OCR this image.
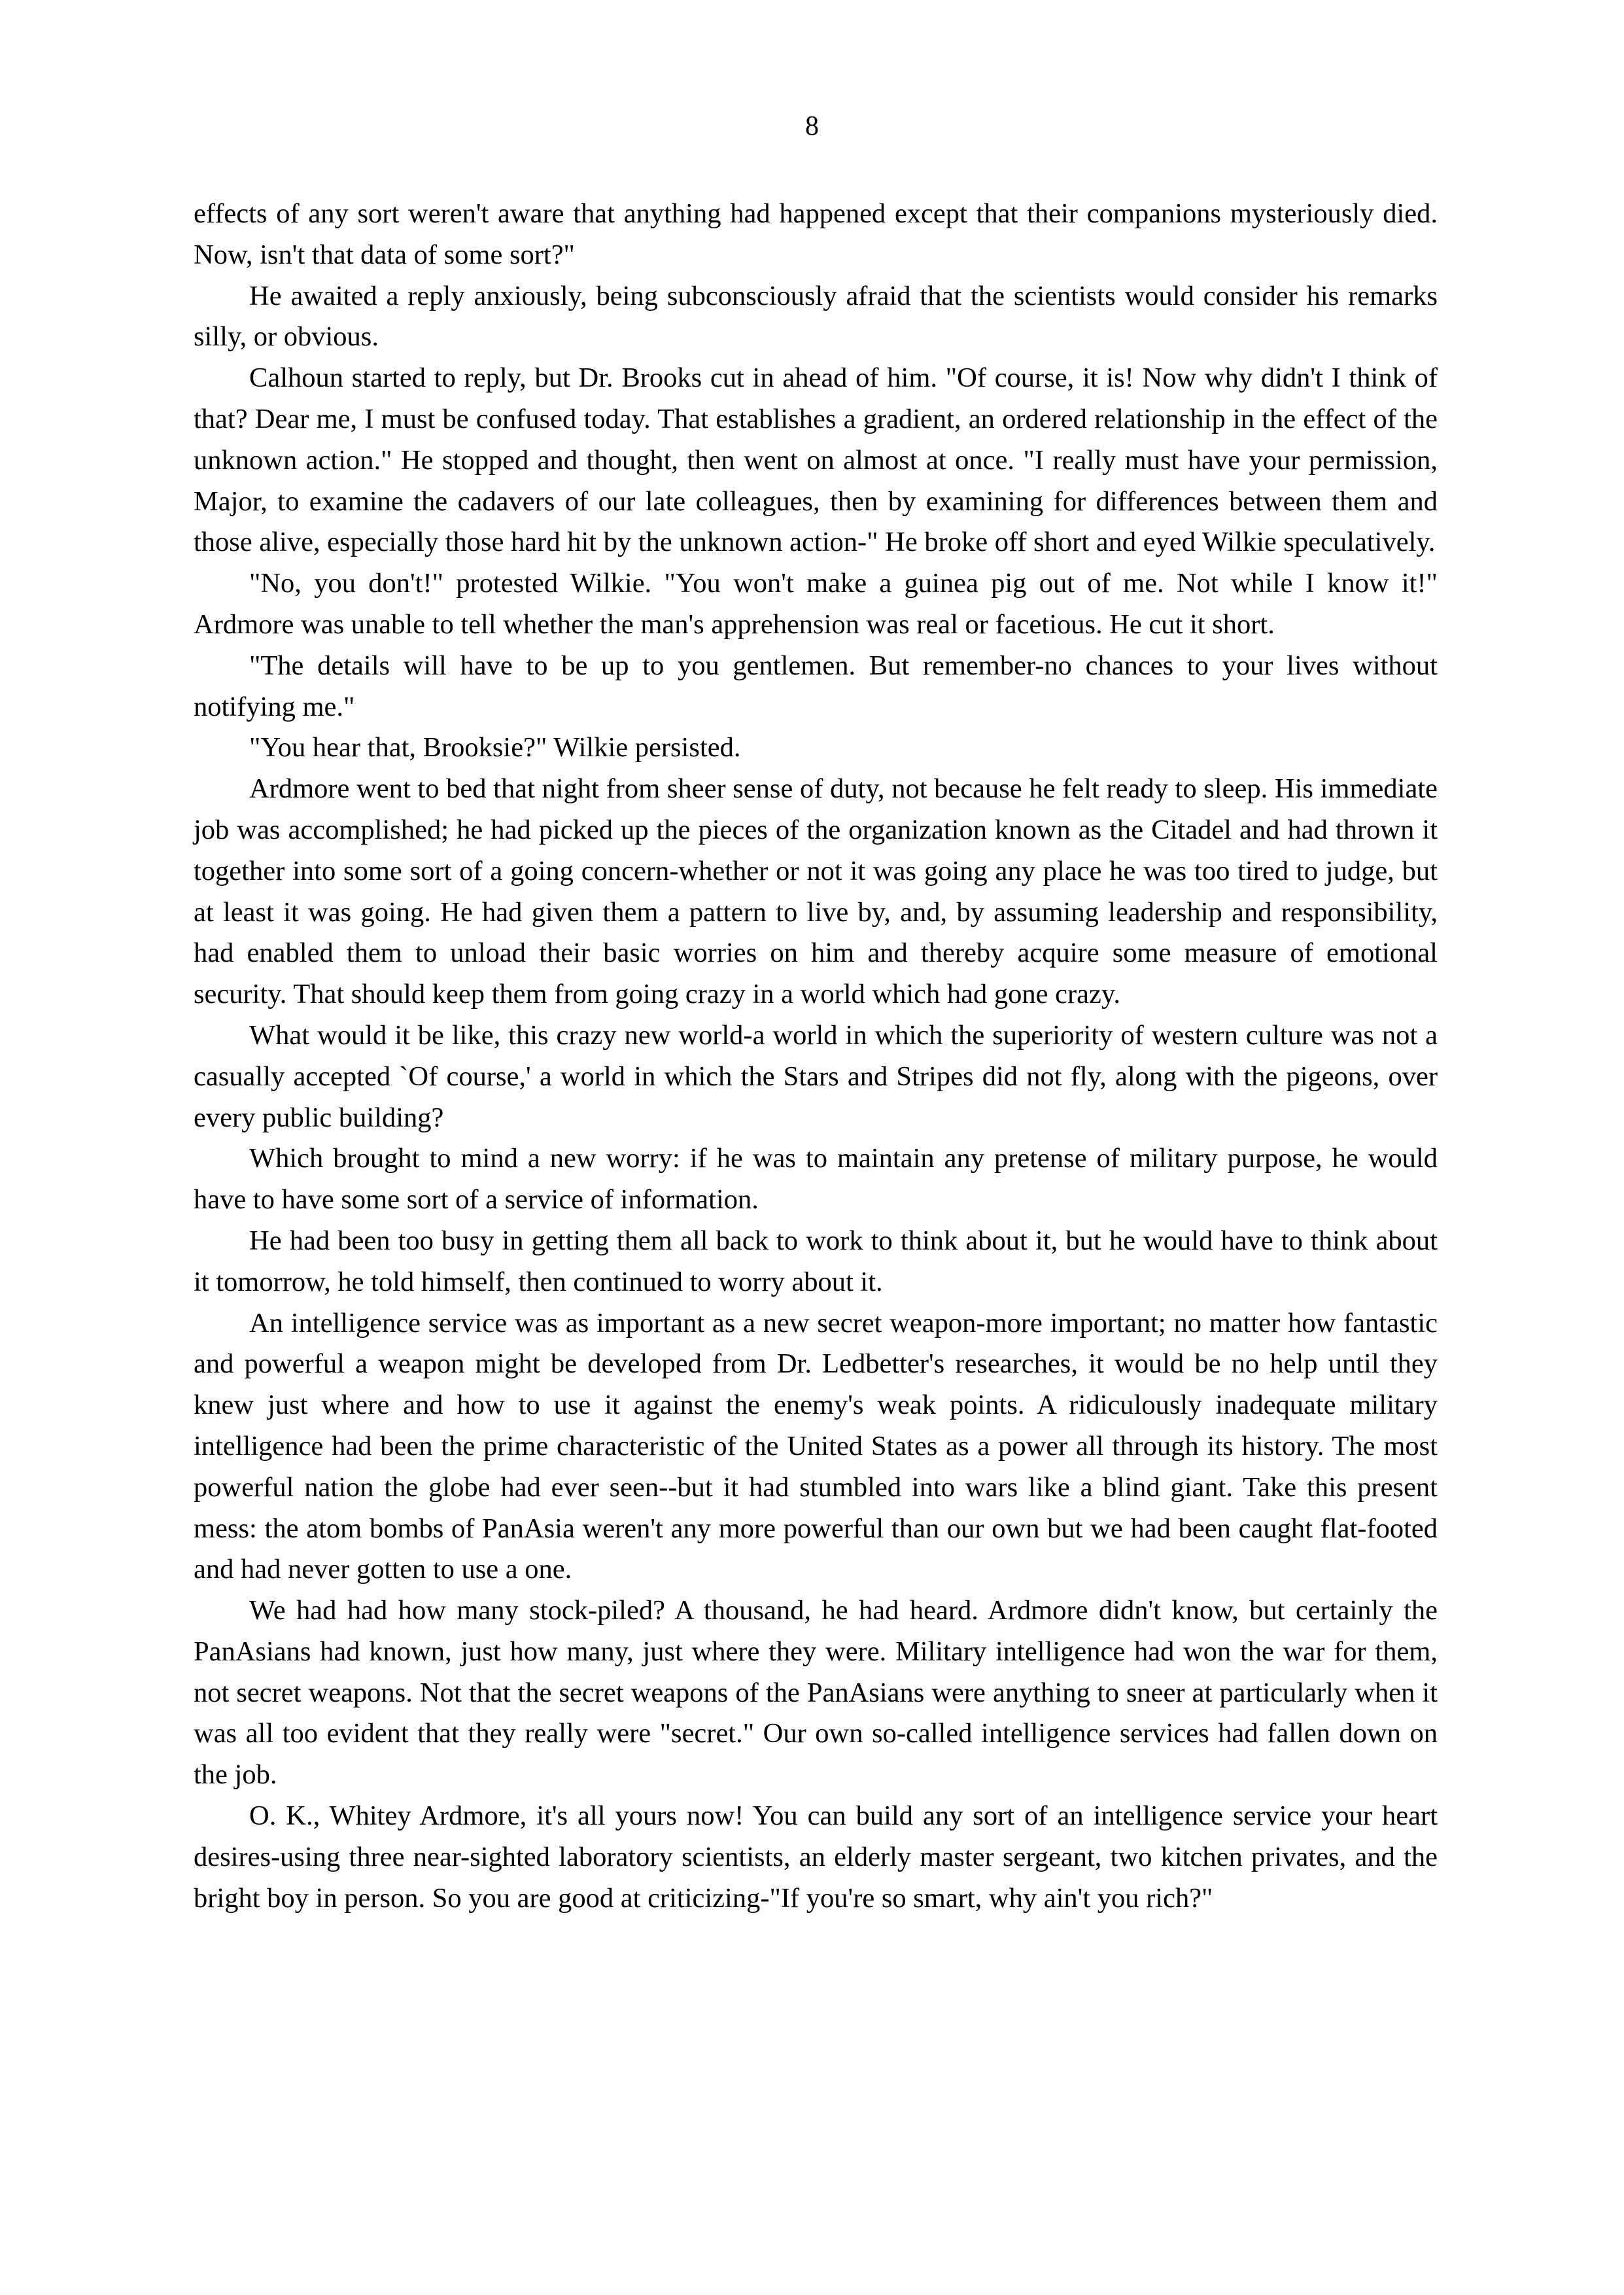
8

effects of any sort weren't aware that anything had happened except that their companions mysteriously died. Now, isn't that data of some sort?"

He awaited a reply anxiously, being subconsciously afraid that the scientists would consider his remarks silly, or obvious.

Calhoun started to reply, but Dr. Brooks cut in ahead of him. "Of course, it is! Now why didn't I think of that? Dear me, I must be confused today. That establishes a gradient, an ordered relationship in the effect of the unknown action." He stopped and thought, then went on almost at once. "I really must have your permission, Major, to examine the cadavers of our late colleagues, then by examining for differences between them and those alive, especially those hard hit by the unknown action-" He broke off short and eyed Wilkie speculatively.

"No, you don't!" protested Wilkie. "You won't make a guinea pig out of me. Not while I know it!" Ardmore was unable to tell whether the man's apprehension was real or facetious. He cut it short.

"The details will have to be up to you gentlemen. But remember-no chances to your lives without notifying me."

"You hear that, Brooksie?" Wilkie persisted.

Ardmore went to bed that night from sheer sense of duty, not because he felt ready to sleep. His immediate job was accomplished; he had picked up the pieces of the organization known as the Citadel and had thrown it together into some sort of a going concern-whether or not it was going any place he was too tired to judge, but at least it was going. He had given them a pattern to live by, and, by assuming leadership and responsibility, had enabled them to unload their basic worries on him and thereby acquire some measure of emotional security. That should keep them from going crazy in a world which had gone crazy.

What would it be like, this crazy new world-a world in which the superiority of western culture was not a casually accepted `Of course,' a world in which the Stars and Stripes did not fly, along with the pigeons, over every public building?

Which brought to mind a new worry: if he was to maintain any pretense of military purpose, he would have to have some sort of a service of information.

He had been too busy in getting them all back to work to think about it, but he would have to think about it tomorrow, he told himself, then continued to worry about it.

An intelligence service was as important as a new secret weapon-more important; no matter how fantastic and powerful a weapon might be developed from Dr. Ledbetter's researches, it would be no help until they knew just where and how to use it against the enemy's weak points. A ridiculously inadequate military intelligence had been the prime characteristic of the United States as a power all through its history. The most powerful nation the globe had ever seen--but it had stumbled into wars like a blind giant. Take this present mess: the atom bombs of PanAsia weren't any more powerful than our own but we had been caught flat-footed and had never gotten to use a one.

We had had how many stock-piled? A thousand, he had heard. Ardmore didn't know, but certainly the PanAsians had known, just how many, just where they were. Military intelligence had won the war for them, not secret weapons. Not that the secret weapons of the PanAsians were anything to sneer at particularly when it was all too evident that they really were "secret." Our own so-called intelligence services had fallen down on the job.

O. K., Whitey Ardmore, it's all yours now! You can build any sort of an intelligence service your heart desires-using three near-sighted laboratory scientists, an elderly master sergeant, two kitchen privates, and the bright boy in person. So you are good at criticizing-"If you're so smart, why ain't you rich?"
